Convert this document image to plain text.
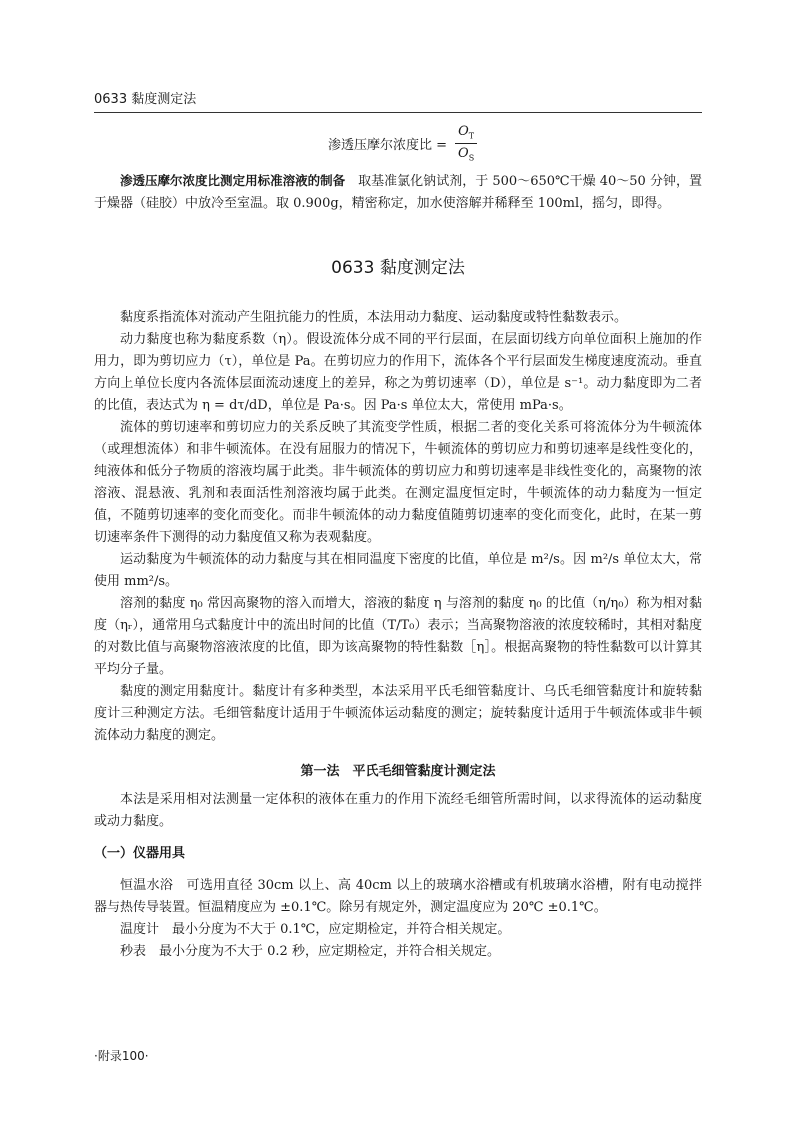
0633 黏度测定法
渗透压摩尔浓度比 = $\frac{O_T}{O_S}$

渗透压摩尔浓度比测定用标准溶液的制备　取基准氯化钠试剂，于 500～650℃干燥 40～50 分钟，置于燥器（硅胶）中放冷至室温。取 0.900g，精密称定，加水使溶解并稀释至 100ml，摇匀，即得。

0633 黏度测定法

黏度系指流体对流动产生阻抗能力的性质，本法用动力黏度、运动黏度或特性黏数表示。

动力黏度也称为黏度系数（η）。假设流体分成不同的平行层面，在层面切线方向单位面积上施加的作用力，即为剪切应力（τ），单位是 Pa。在剪切应力的作用下，流体各个平行层面发生梯度速度流动。垂直方向上单位长度内各流体层面流动速度上的差异，称之为剪切速率（D），单位是 s⁻¹。动力黏度即为二者的比值，表达式为 η = dτ/dD，单位是 Pa·s。因 Pa·s 单位太大，常使用 mPa·s。

流体的剪切速率和剪切应力的关系反映了其流变学性质，根据二者的变化关系可将流体分为牛顿流体（或理想流体）和非牛顿流体。在没有屈服力的情况下，牛顿流体的剪切应力和剪切速率是线性变化的，纯液体和低分子物质的溶液均属于此类。非牛顿流体的剪切应力和剪切速率是非线性变化的，高聚物的浓溶液、混悬液、乳剂和表面活性剂溶液均属于此类。在测定温度恒定时，牛顿流体的动力黏度为一恒定值，不随剪切速率的变化而变化。而非牛顿流体的动力黏度值随剪切速率的变化而变化，此时，在某一剪切速率条件下测得的动力黏度值又称为表观黏度。

运动黏度为牛顿流体的动力黏度与其在相同温度下密度的比值，单位是 m²/s。因 m²/s 单位太大，常使用 mm²/s。

溶剂的黏度 η₀ 常因高聚物的溶入而增大，溶液的黏度 η 与溶剂的黏度 η₀ 的比值（η/η₀）称为相对黏度（ηᵣ），通常用乌式黏度计中的流出时间的比值（T/T₀）表示；当高聚物溶液的浓度较稀时，其相对黏度的对数比值与高聚物溶液浓度的比值，即为该高聚物的特性黏数［η］。根据高聚物的特性黏数可以计算其平均分子量。

黏度的测定用黏度计。黏度计有多种类型，本法采用平氏毛细管黏度计、乌氏毛细管黏度计和旋转黏度计三种测定方法。毛细管黏度计适用于牛顿流体运动黏度的测定；旋转黏度计适用于牛顿流体或非牛顿流体动力黏度的测定。

第一法　平氏毛细管黏度计测定法

本法是采用相对法测量一定体积的液体在重力的作用下流经毛细管所需时间，以求得流体的运动黏度或动力黏度。

（一）仪器用具

恒温水浴　可选用直径 30cm 以上、高 40cm 以上的玻璃水浴槽或有机玻璃水浴槽，附有电动搅拌器与热传导装置。恒温精度应为 ±0.1℃。除另有规定外，测定温度应为 20℃ ±0.1℃。

温度计　最小分度为不大于 0.1℃，应定期检定，并符合相关规定。

秒表　最小分度为不大于 0.2 秒，应定期检定，并符合相关规定。

·附录100·
